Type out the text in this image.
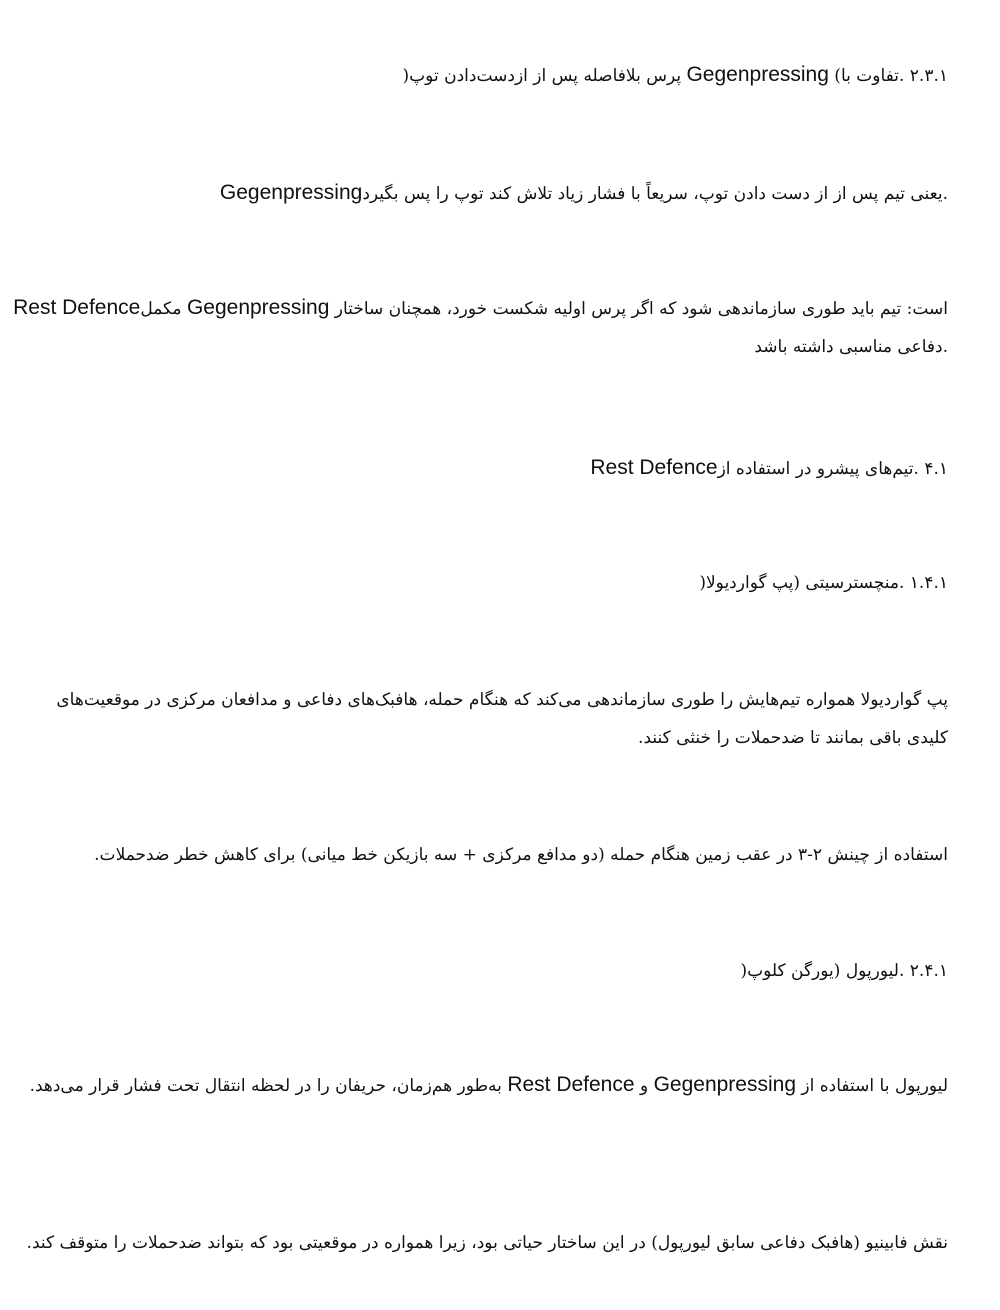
۲.۳.۱ .تفاوت با) Gegenpressing پرس بلافاصله پس از ازدست‌دادن توپ(
Gegenpressingیعنی تیم پس از از دست دادن توپ، سریعاً با فشار زیاد تلاش کند توپ را پس بگیرد.
Rest Defenceمکمل Gegenpressing است: تیم باید طوری سازماندهی شود که اگر پرس اولیه شکست خورد، همچنان ساختار دفاعی مناسبی داشته باشد.
۴.۱ .تیم‌های پیشرو در استفاده ازRest Defence
۱.۴.۱ .منچسترسیتی (پپ گواردیولا(
پپ گواردیولا همواره تیم‌هایش را طوری سازماندهی می‌کند که هنگام حمله، هافبک‌های دفاعی و مدافعان مرکزی در موقعیت‌های کلیدی باقی بمانند تا ضدحملات را خنثی کنند.
استفاده از چینش ۲-۳ در عقب زمین هنگام حمله (دو مدافع مرکزی + سه بازیکن خط میانی) برای کاهش خطر ضدحملات.
۲.۴.۱ .لیورپول (یورگن کلوپ(
لیورپول با استفاده از Gegenpressing و Rest Defence به‌طور هم‌زمان، حریفان را در لحظه انتقال تحت فشار قرار می‌دهد.
نقش فابینیو (هافبک دفاعی سابق لیورپول) در این ساختار حیاتی بود، زیرا همواره در موقعیتی بود که بتواند ضدحملات را متوقف کند.
